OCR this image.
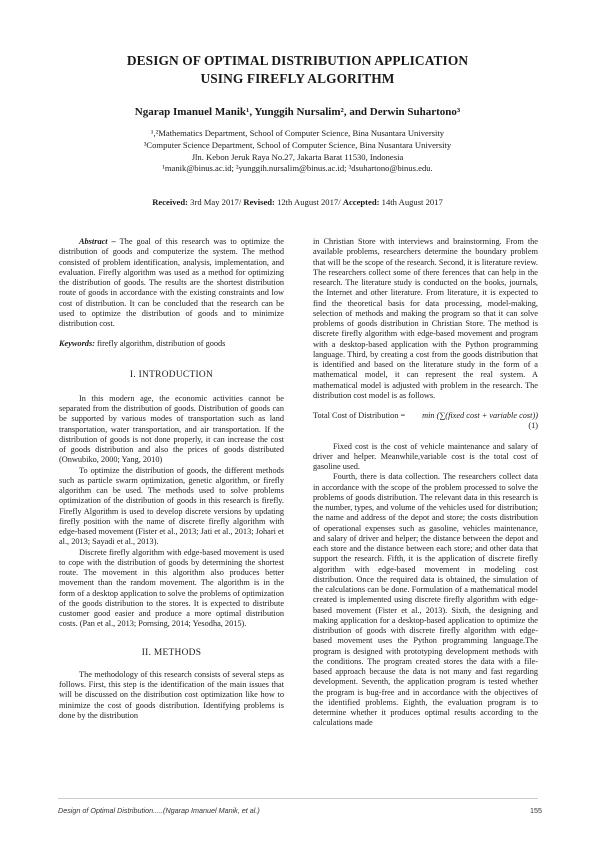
DESIGN OF OPTIMAL DISTRIBUTION APPLICATION
USING FIREFLY ALGORITHM
Ngarap Imanuel Manik¹, Yunggih Nursalim², and Derwin Suhartono³
¹,²Mathematics Department, School of Computer Science, Bina Nusantara University
³Computer Science Department, School of Computer Science, Bina Nusantara University
Jln. Kebon Jeruk Raya No.27, Jakarta Barat 11530, Indonesia
¹manik@binus.ac.id; ²yunggih.nursalim@binus.ac.id; ³dsuhartono@binus.edu.
Received: 3rd May 2017/ Revised: 12th August 2017/ Accepted: 14th August 2017

Abstract – The goal of this research was to optimize the distribution of goods and computerize the system. The method consisted of problem identification, analysis, implementation, and evaluation. Firefly algorithm was used as a method for optimizing the distribution of goods. The results are the shortest distribution route of goods in accordance with the existing constraints and low cost of distribution. It can be concluded that the research can be used to optimize the distribution of goods and to minimize distribution cost.

Keywords: firefly algorithm, distribution of goods

I. INTRODUCTION

In this modern age, the economic activities cannot be separated from the distribution of goods. Distribution of goods can be supported by various modes of transportation such as land transportation, water transportation, and air transportation. If the distribution of goods is not done properly, it can increase the cost of goods distribution and also the prices of goods distributed (Onwubiko, 2000; Yang, 2010)

To optimize the distribution of goods, the different methods such as particle swarm optimization, genetic algorithm, or firefly algorithm can be used. The methods used to solve problems optimization of the distribution of goods in this research is firefly. Firefly Algorithm is used to develop discrete versions by updating firefly position with the name of discrete firefly algorithm with edge-based movement (Fister et al., 2013; Jati et al., 2013; Johari et al., 2013; Sayadi et al., 2013).

Discrete firefly algorithm with edge-based movement is used to cope with the distribution of goods by determining the shortest route. The movement in this algorithm also produces better movement than the random movement. The algorithm is in the form of a desktop application to solve the problems of optimization of the goods distribution to the stores. It is expected to distribute customer good easier and produce a more optimal distribution costs. (Pan et al., 2013; Pornsing, 2014; Yesodha, 2015).

II. METHODS

The methodology of this research consists of several steps as follows. First, this step is the identification of the main issues that will be discussed on the distribution cost optimization like how to minimize the cost of goods distribution. Identifying problems is done by the distribution

in Christian Store with interviews and brainstorming. From the available problems, researchers determine the boundary problem that will be the scope of the research. Second, it is literature review. The researchers collect some of there ferences that can help in the research. The literature study is conducted on the books, journals, the Internet and other literature. From literature, it is expected to find the theoretical basis for data processing, model-making, selection of methods and making the program so that it can solve problems of goods distribution in Christian Store. The method is discrete firefly algorithm with edge-based movement and program with a desktop-based application with the Python programming language. Third, by creating a cost from the goods distribution that is identified and based on the literature study in the form of a mathematical model, it can represent the real system. A mathematical model is adjusted with problem in the research. The distribution cost model is as follows.

Total Cost of Distribution = min (∑(fixed cost + variable cost))
(1)

Fixed cost is the cost of vehicle maintenance and salary of driver and helper. Meanwhile,variable cost is the total cost of gasoline used.

Fourth, there is data collection. The researchers collect data in accordance with the scope of the problem processed to solve the problems of goods distribution. The relevant data in this research is the number, types, and volume of the vehicles used for distribution; the name and address of the depot and store; the costs distribution of operational expenses such as gasoline, vehicles maintenance, and salary of driver and helper; the distance between the depot and each store and the distance between each store; and other data that support the research. Fifth, it is the application of discrete firefly algorithm with edge-based movement in modeling cost distribution. Once the required data is obtained, the simulation of the calculations can be done. Formulation of a mathematical model created is implemented using discrete firefly algorithm with edge-based movement (Fister et al., 2013). Sixth, the designing and making application for a desktop-based application to optimize the distribution of goods with discrete firefly algorithm with edge-based movement uses the Python programming language.The program is designed with prototyping development methods with the conditions. The program created stores the data with a file-based approach because the data is not many and fast regarding development. Seventh, the application program is tested whether the program is bug-free and in accordance with the objectives of the identified problems. Eighth, the evaluation program is to determine whether it produces optimal results according to the calculations made

Design of Optimal Distribution.....(Ngarap Imanuel Manik, et al.)	155
